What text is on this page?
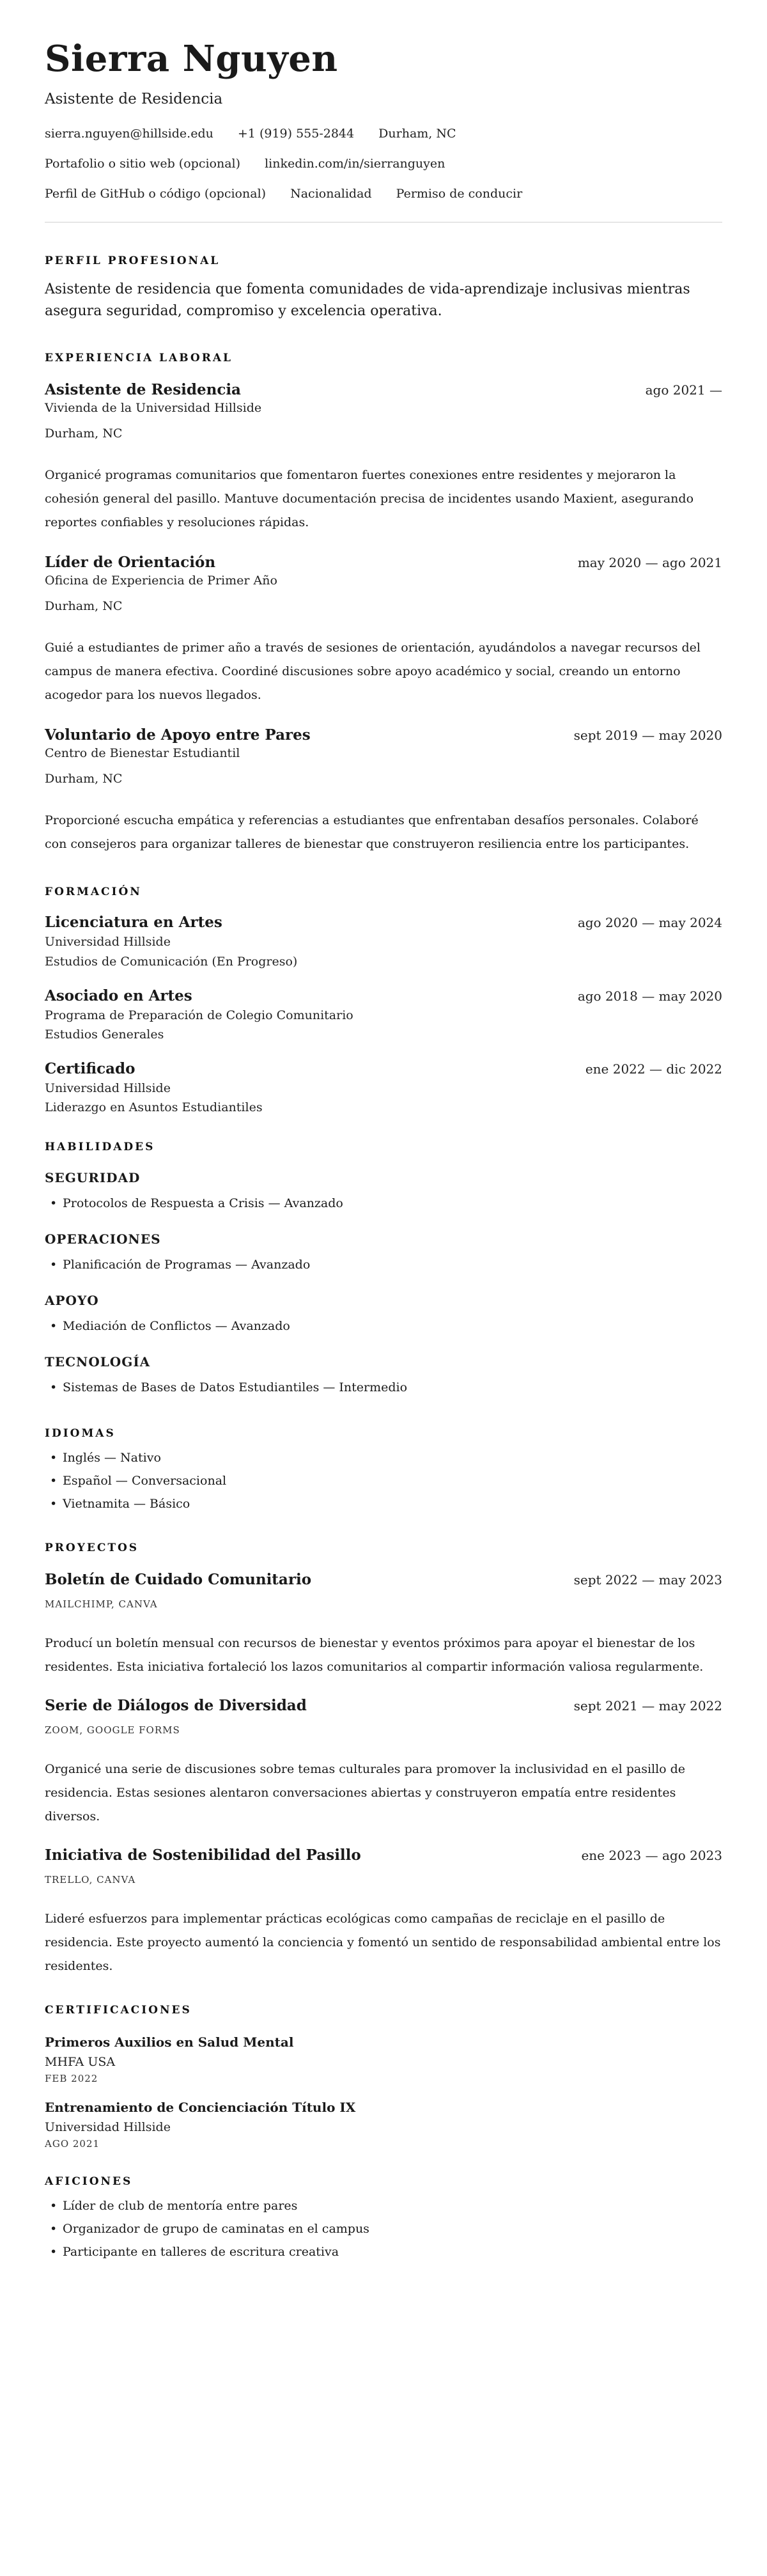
Sierra Nguyen
Asistente de Residencia
sierra.nguyen@hillside.edu +1 (919) 555-2844 Durham, NC
Portafolio o sitio web (opcional) linkedin.com/in/sierranguyen
Perfil de GitHub o código (opcional) Nacionalidad Permiso de conducir
PERFIL PROFESIONAL

Asistente de residencia que fomenta comunidades de vida-aprendizaje inclusivas mientras asegura seguridad, compromiso y excelencia operativa.

EXPERIENCIA LABORAL
Asistente de Residencia	ago 2021 —
Vivienda de la Universidad Hillside
Durham, NC

Organicé programas comunitarios que fomentaron fuertes conexiones entre residentes y mejoraron la cohesión general del pasillo. Mantuve documentación precisa de incidentes usando Maxient, asegurando reportes confiables y resoluciones rápidas.

Líder de Orientación	may 2020 — ago 2021
Oficina de Experiencia de Primer Año
Durham, NC

Guié a estudiantes de primer año a través de sesiones de orientación, ayudándolos a navegar recursos del campus de manera efectiva. Coordiné discusiones sobre apoyo académico y social, creando un entorno acogedor para los nuevos llegados.

Voluntario de Apoyo entre Pares	sept 2019 — may 2020
Centro de Bienestar Estudiantil
Durham, NC

Proporcioné escucha empática y referencias a estudiantes que enfrentaban desafíos personales. Colaboré con consejeros para organizar talleres de bienestar que construyeron resiliencia entre los participantes.

FORMACIÓN
Licenciatura en Artes	ago 2020 — may 2024
Universidad Hillside
Estudios de Comunicación (En Progreso)
Asociado en Artes	ago 2018 — may 2020
Programa de Preparación de Colegio Comunitario
Estudios Generales
Certificado	ene 2022 — dic 2022
Universidad Hillside
Liderazgo en Asuntos Estudiantiles
HABILIDADES
SEGURIDAD
• Protocolos de Respuesta a Crisis — Avanzado
OPERACIONES
• Planificación de Programas — Avanzado
APOYO
• Mediación de Conflictos — Avanzado
TECNOLOGÍA
• Sistemas de Bases de Datos Estudiantiles — Intermedio
IDIOMAS
• Inglés — Nativo
• Español — Conversacional
• Vietnamita — Básico
PROYECTOS
Boletín de Cuidado Comunitario	sept 2022 — may 2023
MAILCHIMP, CANVA

Producí un boletín mensual con recursos de bienestar y eventos próximos para apoyar el bienestar de los residentes. Esta iniciativa fortaleció los lazos comunitarios al compartir información valiosa regularmente.

Serie de Diálogos de Diversidad	sept 2021 — may 2022
ZOOM, GOOGLE FORMS

Organicé una serie de discusiones sobre temas culturales para promover la inclusividad en el pasillo de residencia. Estas sesiones alentaron conversaciones abiertas y construyeron empatía entre residentes diversos.

Iniciativa de Sostenibilidad del Pasillo	ene 2023 — ago 2023
TRELLO, CANVA

Lideré esfuerzos para implementar prácticas ecológicas como campañas de reciclaje en el pasillo de residencia. Este proyecto aumentó la conciencia y fomentó un sentido de responsabilidad ambiental entre los residentes.

CERTIFICACIONES
Primeros Auxilios en Salud Mental
MHFA USA
FEB 2022
Entrenamiento de Concienciación Título IX
Universidad Hillside
AGO 2021
AFICIONES
• Líder de club de mentoría entre pares
• Organizador de grupo de caminatas en el campus
• Participante en talleres de escritura creativa
